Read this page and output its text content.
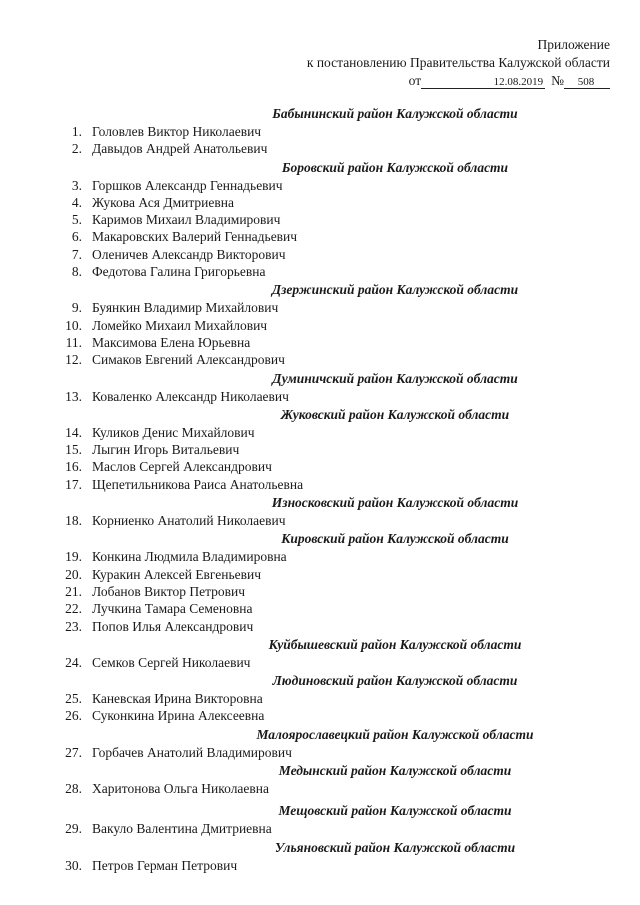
Приложение
к постановлению Правительства Калужской области
от	12.08.2019 № 508
Бабынинский район Калужской области
1. Головлев Виктор Николаевич
2. Давыдов Андрей Анатольевич
Боровский район Калужской области
3. Горшков Александр Геннадьевич
4. Жукова Ася Дмитриевна
5. Каримов Михаил Владимирович
6. Макаровских Валерий Геннадьевич
7. Оленичев Александр Викторович
8. Федотова Галина Григорьевна
Дзержинский район Калужской области
9. Буянкин Владимир Михайлович
10. Ломейко Михаил Михайлович
11. Максимова Елена Юрьевна
12. Симаков Евгений Александрович
Думиничский район Калужской области
13. Коваленко Александр Николаевич
Жуковский район Калужской области
14. Куликов Денис Михайлович
15. Лыгин Игорь Витальевич
16. Маслов Сергей Александрович
17. Щепетильникова Раиса Анатольевна
Износковский район Калужской области
18. Корниенко Анатолий Николаевич
Кировский район Калужской области
19. Конкина Людмила Владимировна
20. Куракин Алексей Евгеньевич
21. Лобанов Виктор Петрович
22. Лучкина Тамара Семеновна
23. Попов Илья Александрович
Куйбышевский район Калужской области
24. Семков Сергей Николаевич
Людиновский район Калужской области
25. Каневская Ирина Викторовна
26. Суконкина Ирина Алексеевна
Малоярославецкий район Калужской области
27. Горбачев Анатолий Владимирович
Медынский район Калужской области
28. Харитонова Ольга Николаевна
Мещовский район Калужской области
29. Вакуло Валентина Дмитриевна
Ульяновский район Калужской области
30. Петров Герман Петрович
